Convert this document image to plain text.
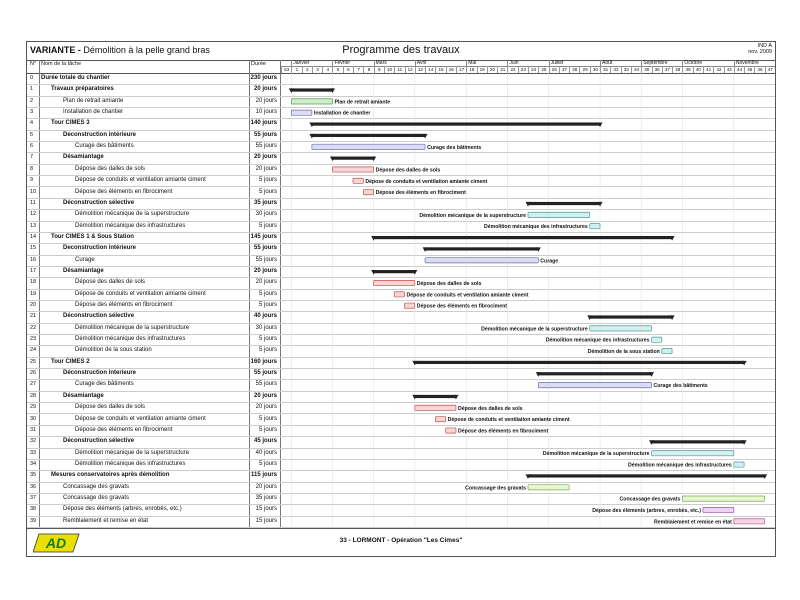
VARIANTE - Démolition à la pelle grand bras	Programme des travaux	IND A
nov. 2009
N° Nom de la tâche	Durée	Janvier	Février	Mars	Avril	Mai	Juin	Juillet	Août	Septembre	Octobre	Novembre
53	1	2	3	4	5	6	7	8	9	10	11	12	13	14	15	16	17	18	19	20	21	22	23	24	25	26	27	28	29	30	31	32	33	34	35	36	37	38	39	40	41	42	43	44	45	46	47
0 Durée totale du chantier	230 jours
1	Travaux préparatoires	20 jours
2	Plan de retrait amiante	20 jours
3	Installation de chantier	10 jours
4	Tour CIMES 3	140 jours
5	Deconstruction intérieure	55 jours
6	Curage des bâtiments	55 jours
7	Désamiantage	20 jours
8	Dépose des dalles de sols	20 jours
9	Dépose de conduits et ventilation amiante ciment	5 jours
10	Dépose des éléments en fibrociment	5 jours
11	Déconstruction sélective	35 jours
12	Démolition mécanique de la superstructure	30 jours
13	Démolition mécanique des infrastructures	5 jours
14 Tour CIMES 1 & Sous Station	145 jours
15	Deconstruction intérieure	55 jours
16	Curage	55 jours
17	Désamiantage	20 jours
18	Dépose des dalles de sols	20 jours
19	Dépose de conduits et ventilation amiante ciment	5 jours
20	Dépose des éléments en fibrociment	5 jours
21	Déconstruction sélective	40 jours
22	Démolition mécanique de la superstructure	30 jours
23	Démolition mécanique des infrastructures	5 jours
24	Démolition de la sous station	5 jours
25 Tour CIMES 2	160 jours
26	Déconstruction interieure	55 jours
27	Curage des bâtiments	55 jours
28	Désamiantage	20 jours
29	Dépose des dalles de sols	20 jours
30	Dépose de conduits et ventilation amiante ciment	5 jours
31	Dépose des éléments en fibrociment	5 jours
32	Déconstruction sélective	45 jours
33	Démolition mécanique de la superstructure	40 jours
34	Démolition mécanique des infrastructures	5 jours
35 Mesures conservatoires après démolition	115 jours
36	Concassage des gravats	20 jours
37	Concassage des gravats	35 jours
38	Dépose des éléments (arbres, enrobés, etc.)	15 jours
39	Remblaiement et remise en état	15 jours
Plan de retrait amiante
Installation de chantier
Curage des bâtiments
Dépose des dalles de sols
Dépose de conduits et ventilation amiante ciment
Dépose des éléments en fibrociment
Démolition mécanique de la superstructure
Démolition mécanique des infrastructures
Curage
Dépose des dalles de sols
Dépose de conduits et ventilation amiante ciment
Dépose des éléments en fibrociment
Démolition mécanique de la superstructure
Démolition mécanique des infrastructures
Démolition de la sous station
Curage des bâtiments
Dépose des dalles de sols
Dépose de conduits et ventilation amiante ciment
Dépose des éléments en fibrociment
Démolition mécanique de la superstructure
Démolition mécanique des infrastructures
Concassage des gravats
Concassage des gravats
Dépose des éléments (arbres, enrobés, etc.)
Remblaiement et remise en état
AD	33 - LORMONT - Opération "Les Cimes"
